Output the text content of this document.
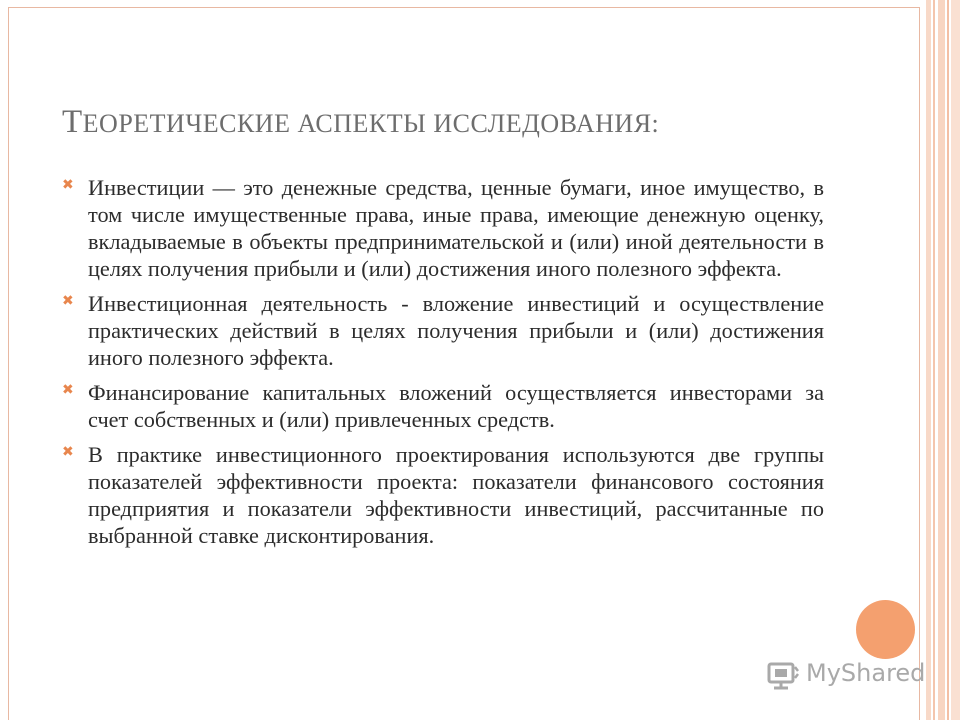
ТЕОРЕТИЧЕСКИЕ АСПЕКТЫ ИССЛЕДОВАНИЯ:
✖ Инвестиции — это денежные средства, ценные бумаги, иное имущество, в том числе имущественные права, иные права, имеющие денежную оценку, вкладываемые в объекты предпринимательской и (или) иной деятельности в целях получения прибыли и (или) достижения иного полезного эффекта.
✖ Инвестиционная деятельность - вложение инвестиций и осуществление практических действий в целях получения прибыли и (или) достижения иного полезного эффекта.
✖ Финансирование капитальных вложений осуществляется инвесторами за счет собственных и (или) привлеченных средств.
✖ В практике инвестиционного проектирования используются две группы показателей эффективности проекта: показатели финансового состояния предприятия и показатели эффективности инвестиций, рассчитанные по выбранной ставке дисконтирования.
MyShared
